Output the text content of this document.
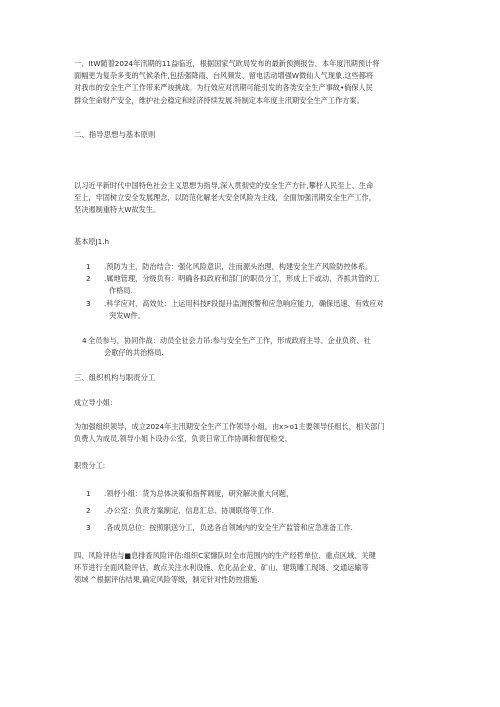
一、ItW随着2024年汛期的11益临近，根据国家气欧局发布的最新预测报告，本年度汛期预计将
面幅更为复杂多变的气候条件,包括强降雨、台风频发、留电活动增强W微仙人气现象.这些都将
对我市的安全生产工作带来严竣挑战。为行效应对汛期可能引发的各类安全生产事故•倘保人民
群众生命财产安全，维护社会稳定和经济持续发展.特制定本年度主汛期安全生产工作方案。
二、指导思想与基本原则
以习近平新时代中国特色社会主义思想为指导,深入贯彻党的安全生产方针,攀杼人民至上、生命
至上，牢固树立安全发展理念，以防范化解老大安全风险为主线，全面加强汛期安全生产工作，
坚决遏制重特大W故发生。
基本原J1.h
1	.预防为主，防治结合：强化风险意识，注而源头治理，构建安全生产风险防控体系。
2	.属地管理，分级负有：明确各拟政府和部门的职员分工，形成上下或动、齐抓共管的工
作格局.
3	.科学应对，高效处：上运用科技F段提升监测预警和应急响应能力，确保迅速、有效应对
突发W件。
4 全员参与，协同作战：动员全社会力吊:参与安全生产工作，形成政府主导、企业负资、社
会歌仔的共治格局.
三、组织机构与职责分工
成立导小姐:
为加强组织领导，成立2024年主汛期安全生产工作领导小组，由x>o1主要领导任组长，相关部门
负费人为成员,领导小姐卜设办公室，负责日常工作协调和督促检交。
职贵分工:
1	.领杼小组：货为总体决策和指挥调度，研究解决重大问题，
2	.办公室：负责方案制定、信息汇总、协调联络等工作.
3	.各成员总位：按照职送分工，负选各自领域内的安全生产监管和应急准备工作.
四、风险评估与■息排查风险评估:组织C家慷队时全市范围内的生产经哲单位、重点区域、关键
环节进行全面风险评估，敢点关注水利设施、危化品企业、矿山、建筑雕工现场、交通运输等
领域 ^根据评估结果,确定风险等级，制定针对性防控措施.
